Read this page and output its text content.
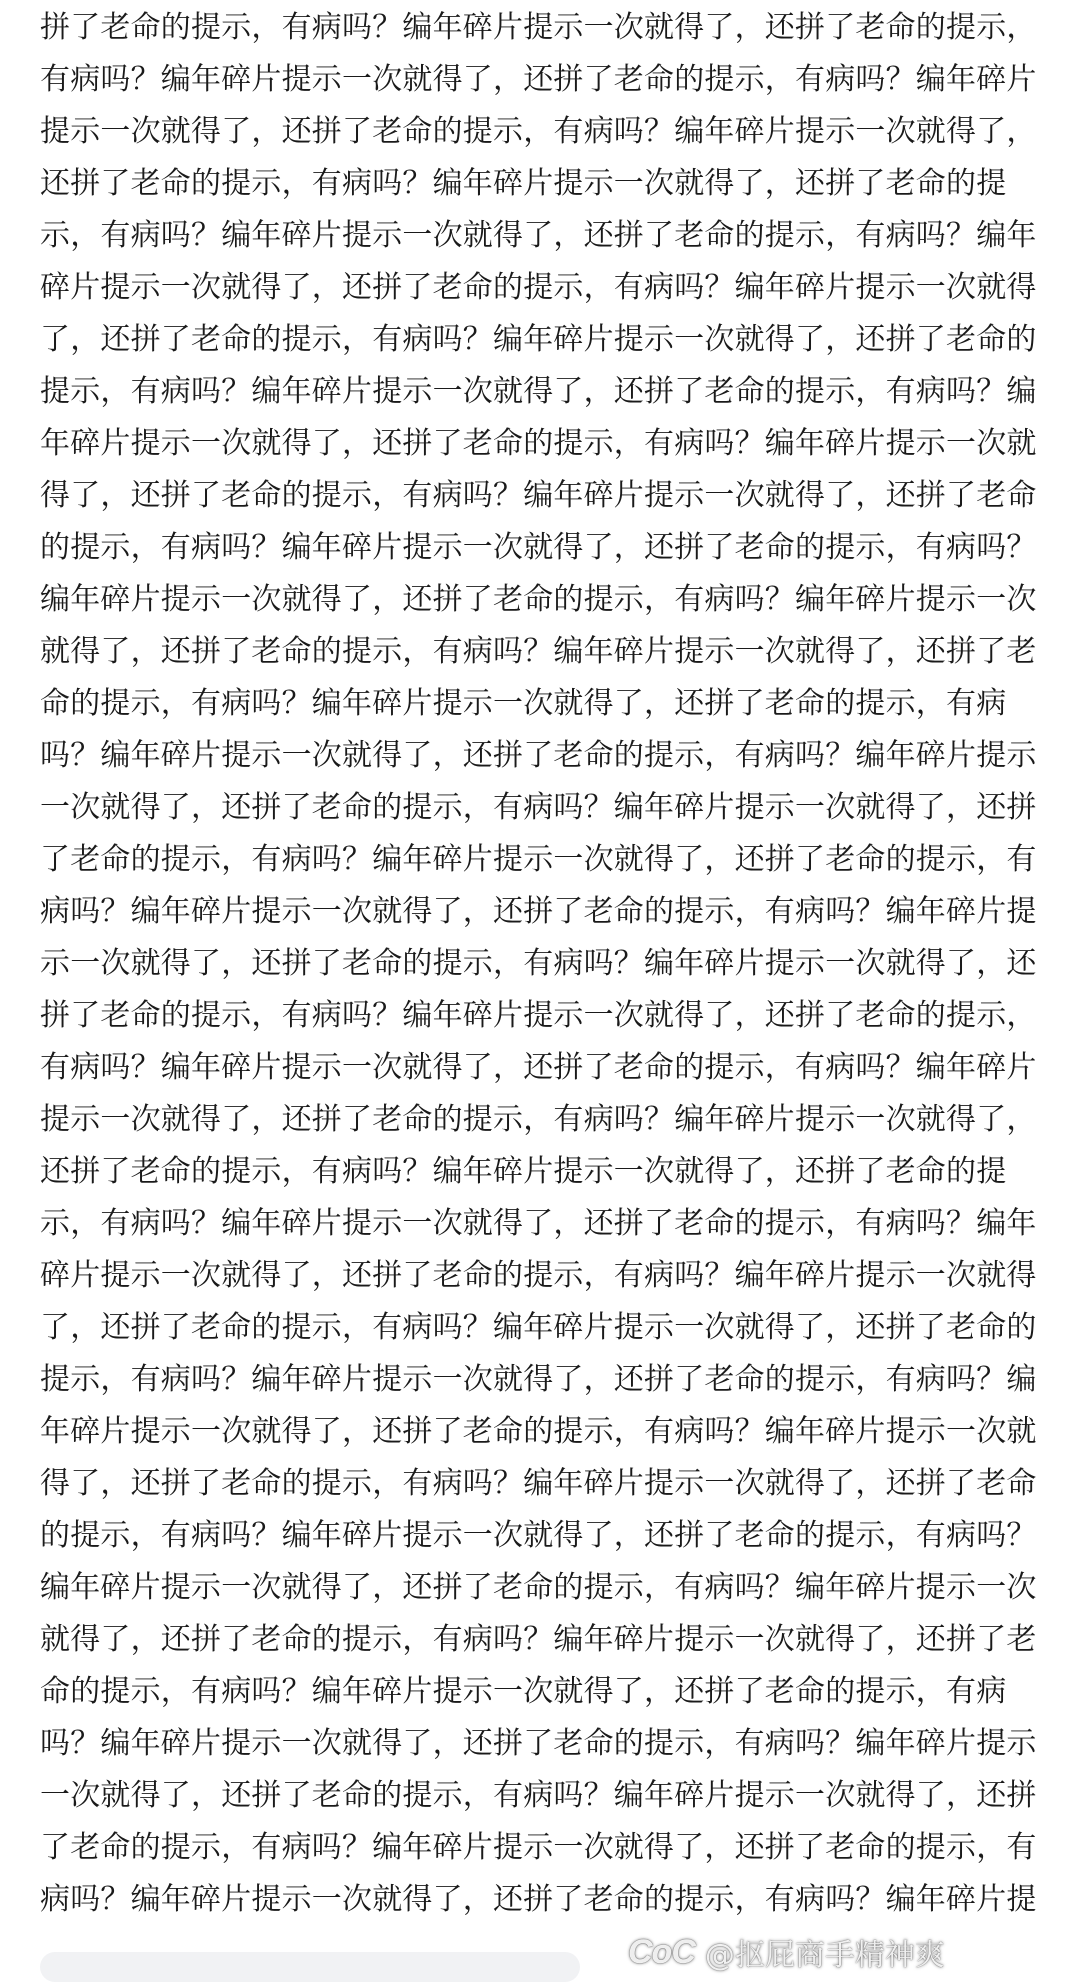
拼了老命的提示，有病吗？编年碎片提示一次就得了，还拼了老命的提示，
有病吗？编年碎片提示一次就得了，还拼了老命的提示，有病吗？编年碎片
提示一次就得了，还拼了老命的提示，有病吗？编年碎片提示一次就得了，
还拼了老命的提示，有病吗？编年碎片提示一次就得了，还拼了老命的提
示，有病吗？编年碎片提示一次就得了，还拼了老命的提示，有病吗？编年
碎片提示一次就得了，还拼了老命的提示，有病吗？编年碎片提示一次就得
了，还拼了老命的提示，有病吗？编年碎片提示一次就得了，还拼了老命的
提示，有病吗？编年碎片提示一次就得了，还拼了老命的提示，有病吗？编
年碎片提示一次就得了，还拼了老命的提示，有病吗？编年碎片提示一次就
得了，还拼了老命的提示，有病吗？编年碎片提示一次就得了，还拼了老命
的提示，有病吗？编年碎片提示一次就得了，还拼了老命的提示，有病吗？
编年碎片提示一次就得了，还拼了老命的提示，有病吗？编年碎片提示一次
就得了，还拼了老命的提示，有病吗？编年碎片提示一次就得了，还拼了老
命的提示，有病吗？编年碎片提示一次就得了，还拼了老命的提示，有病
吗？编年碎片提示一次就得了，还拼了老命的提示，有病吗？编年碎片提示
一次就得了，还拼了老命的提示，有病吗？编年碎片提示一次就得了，还拼
了老命的提示，有病吗？编年碎片提示一次就得了，还拼了老命的提示，有
病吗？编年碎片提示一次就得了，还拼了老命的提示，有病吗？编年碎片提
示一次就得了，还拼了老命的提示，有病吗？编年碎片提示一次就得了，还
拼了老命的提示，有病吗？编年碎片提示一次就得了，还拼了老命的提示，
有病吗？编年碎片提示一次就得了，还拼了老命的提示，有病吗？编年碎片
提示一次就得了，还拼了老命的提示，有病吗？编年碎片提示一次就得了，
还拼了老命的提示，有病吗？编年碎片提示一次就得了，还拼了老命的提
示，有病吗？编年碎片提示一次就得了，还拼了老命的提示，有病吗？编年
碎片提示一次就得了，还拼了老命的提示，有病吗？编年碎片提示一次就得
了，还拼了老命的提示，有病吗？编年碎片提示一次就得了，还拼了老命的
提示，有病吗？编年碎片提示一次就得了，还拼了老命的提示，有病吗？编
年碎片提示一次就得了，还拼了老命的提示，有病吗？编年碎片提示一次就
得了，还拼了老命的提示，有病吗？编年碎片提示一次就得了，还拼了老命
的提示，有病吗？编年碎片提示一次就得了，还拼了老命的提示，有病吗？
编年碎片提示一次就得了，还拼了老命的提示，有病吗？编年碎片提示一次
就得了，还拼了老命的提示，有病吗？编年碎片提示一次就得了，还拼了老
命的提示，有病吗？编年碎片提示一次就得了，还拼了老命的提示，有病
吗？编年碎片提示一次就得了，还拼了老命的提示，有病吗？编年碎片提示
一次就得了，还拼了老命的提示，有病吗？编年碎片提示一次就得了，还拼
了老命的提示，有病吗？编年碎片提示一次就得了，还拼了老命的提示，有
病吗？编年碎片提示一次就得了，还拼了老命的提示，有病吗？编年碎片提
CoC @抠屁商手精神爽
